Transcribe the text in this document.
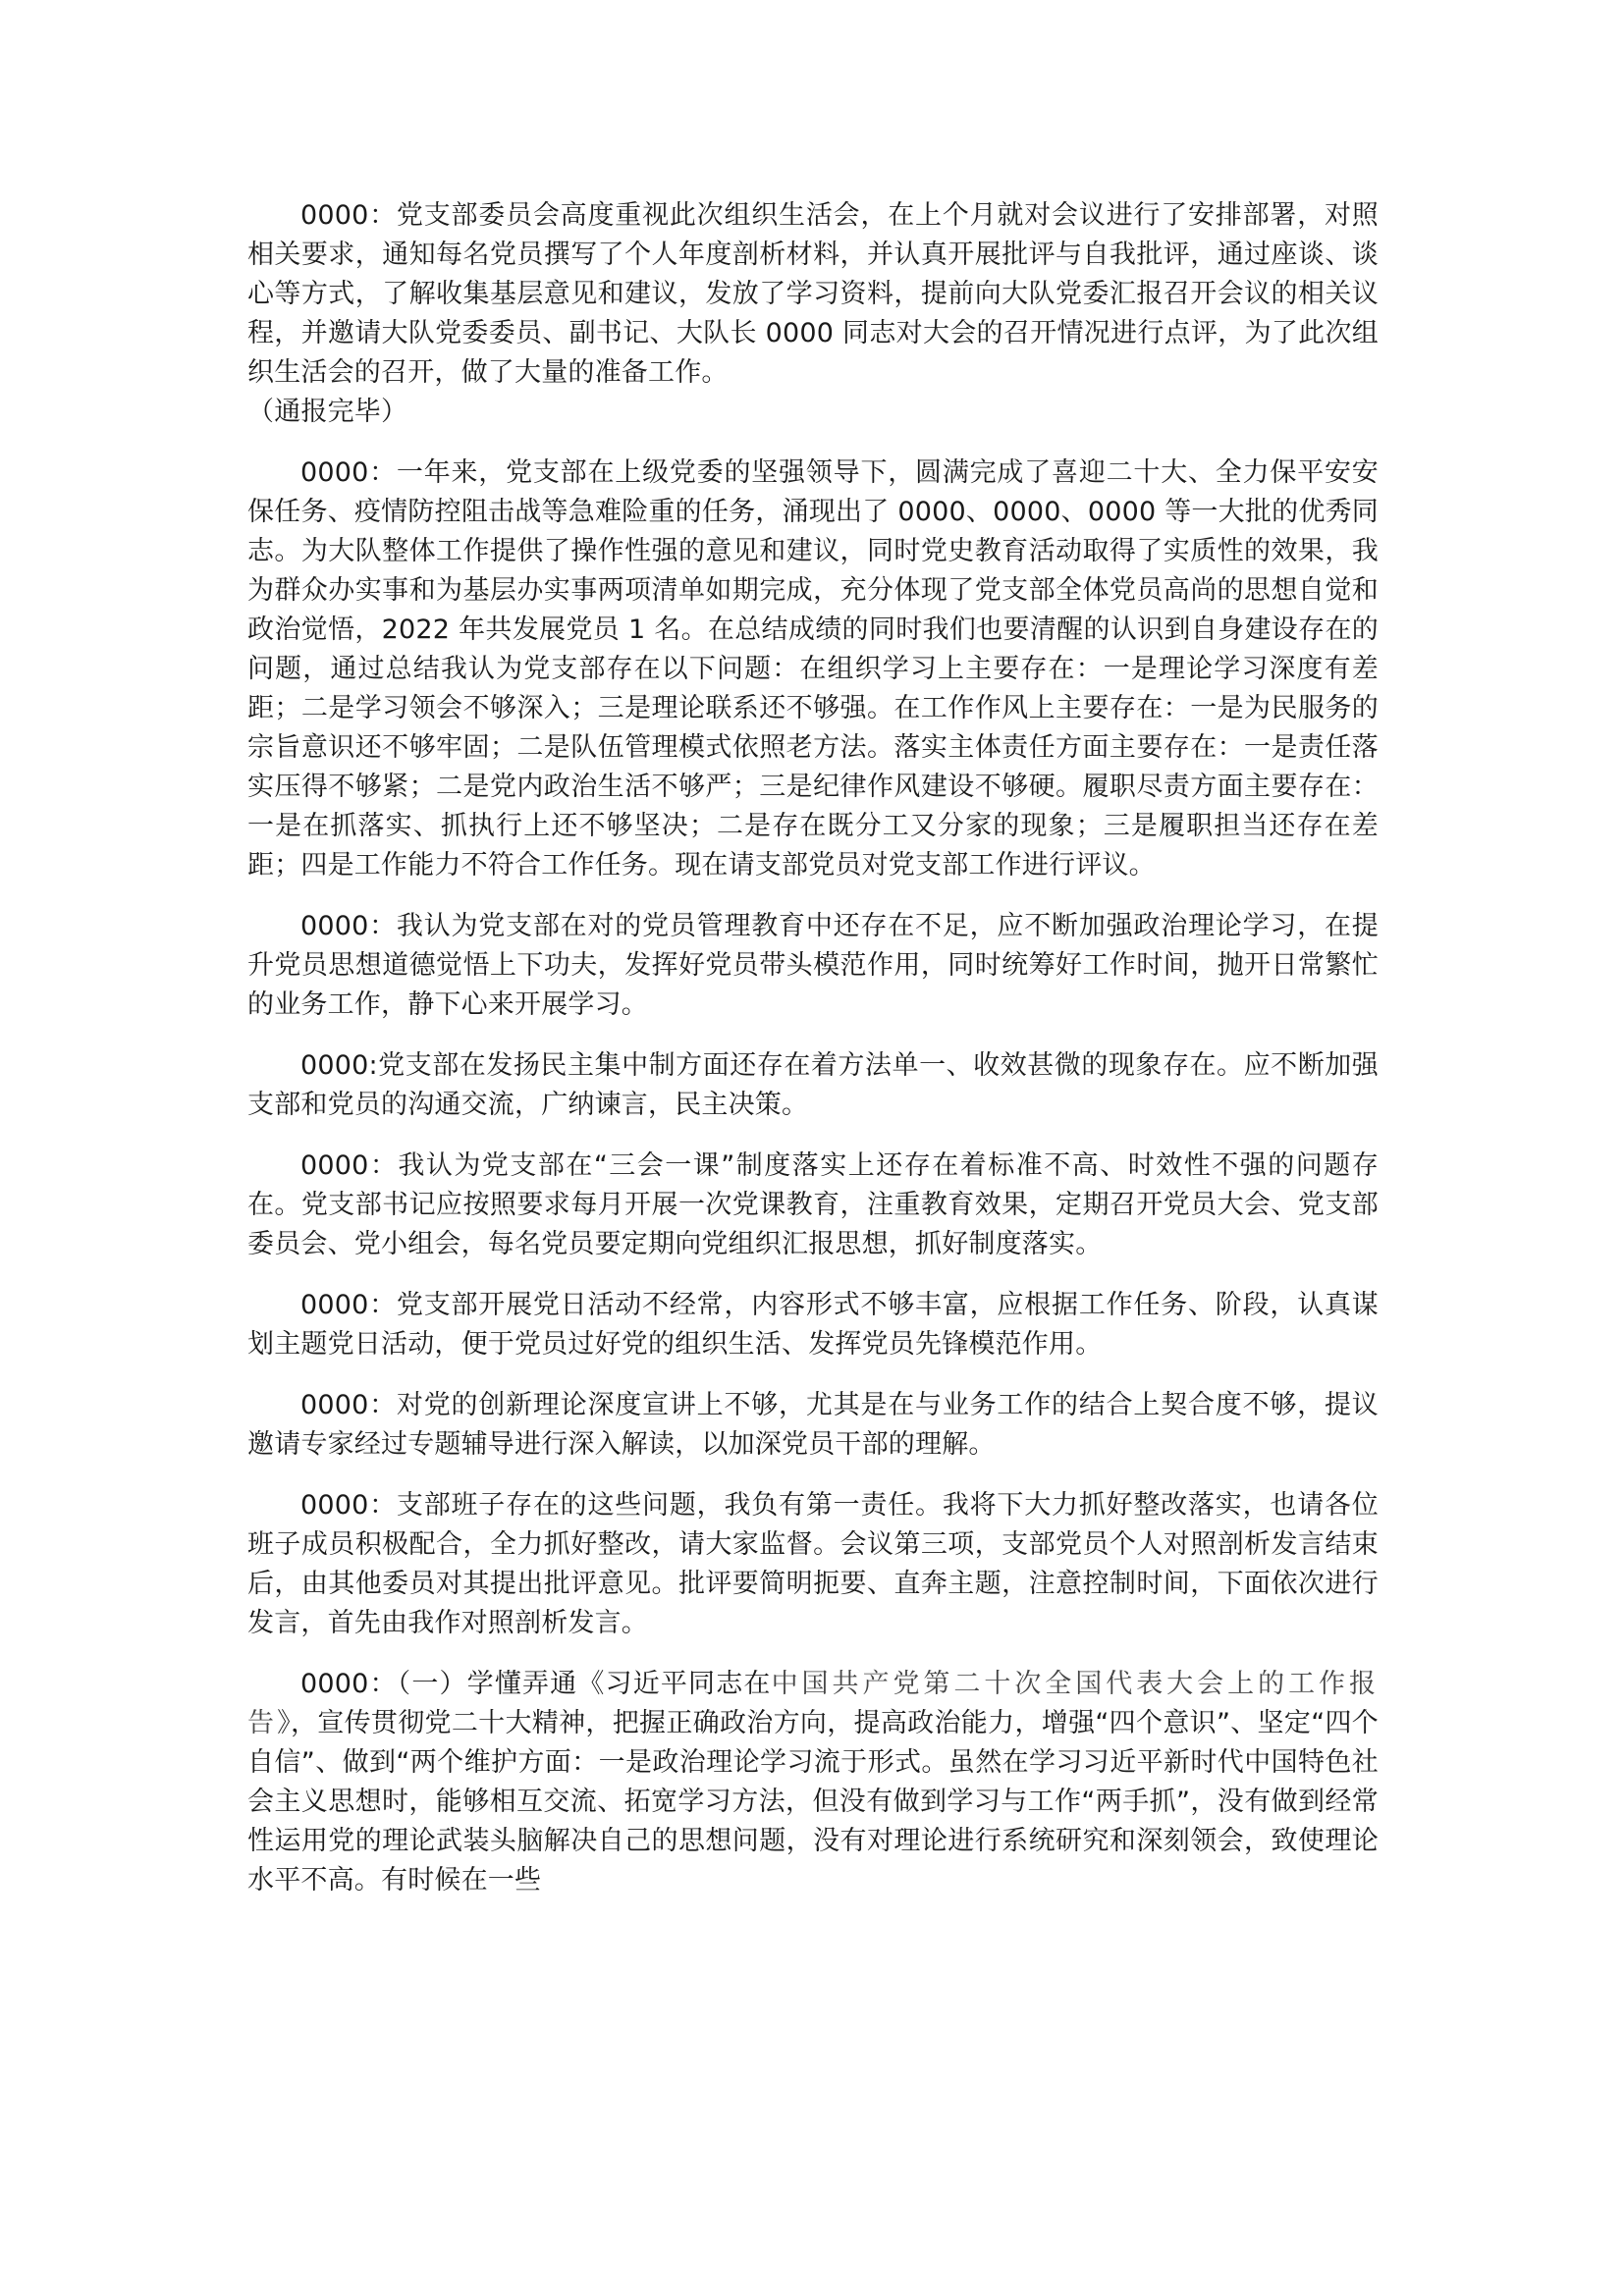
0000：党支部委员会高度重视此次组织生活会，在上个月就对会议进行了安排部署，对照相关要求，通知每名党员撰写了个人年度剖析材料，并认真开展批评与自我批评，通过座谈、谈心等方式，了解收集基层意见和建议，发放了学习资料，提前向大队党委汇报召开会议的相关议程，并邀请大队党委委员、副书记、大队长 0000 同志对大会的召开情况进行点评，为了此次组织生活会的召开，做了大量的准备工作。
（通报完毕）

0000：一年来，党支部在上级党委的坚强领导下，圆满完成了喜迎二十大、全力保平安安保任务、疫情防控阻击战等急难险重的任务，涌现出了 0000、0000、0000 等一大批的优秀同志。为大队整体工作提供了操作性强的意见和建议，同时党史教育活动取得了实质性的效果，我为群众办实事和为基层办实事两项清单如期完成，充分体现了党支部全体党员高尚的思想自觉和政治觉悟，2022 年共发展党员 1 名。在总结成绩的同时我们也要清醒的认识到自身建设存在的问题，通过总结我认为党支部存在以下问题：在组织学习上主要存在：一是理论学习深度有差距；二是学习领会不够深入；三是理论联系还不够强。在工作作风上主要存在：一是为民服务的宗旨意识还不够牢固；二是队伍管理模式依照老方法。落实主体责任方面主要存在：一是责任落实压得不够紧；二是党内政治生活不够严；三是纪律作风建设不够硬。履职尽责方面主要存在：一是在抓落实、抓执行上还不够坚决；二是存在既分工又分家的现象；三是履职担当还存在差距；四是工作能力不符合工作任务。现在请支部党员对党支部工作进行评议。

0000：我认为党支部在对的党员管理教育中还存在不足，应不断加强政治理论学习，在提升党员思想道德觉悟上下功夫，发挥好党员带头模范作用，同时统筹好工作时间，抛开日常繁忙的业务工作，静下心来开展学习。

0000:党支部在发扬民主集中制方面还存在着方法单一、收效甚微的现象存在。应不断加强支部和党员的沟通交流，广纳谏言，民主决策。

0000：我认为党支部在“三会一课”制度落实上还存在着标准不高、时效性不强的问题存在。党支部书记应按照要求每月开展一次党课教育，注重教育效果，定期召开党员大会、党支部委员会、党小组会，每名党员要定期向党组织汇报思想，抓好制度落实。

0000：党支部开展党日活动不经常，内容形式不够丰富，应根据工作任务、阶段，认真谋划主题党日活动，便于党员过好党的组织生活、发挥党员先锋模范作用。

0000：对党的创新理论深度宣讲上不够，尤其是在与业务工作的结合上契合度不够，提议邀请专家经过专题辅导进行深入解读，以加深党员干部的理解。

0000：支部班子存在的这些问题，我负有第一责任。我将下大力抓好整改落实，也请各位班子成员积极配合，全力抓好整改，请大家监督。会议第三项，支部党员个人对照剖析发言结束后，由其他委员对其提出批评意见。批评要简明扼要、直奔主题，注意控制时间，下面依次进行发言，首先由我作对照剖析发言。

0000：（一）学懂弄通《习近平同志在中国共产党第二十次全国代表大会上的工作报告》，宣传贯彻党二十大精神，把握正确政治方向，提高政治能力，增强“四个意识”、坚定“四个自信”、做到“两个维护方面：一是政治理论学习流于形式。虽然在学习习近平新时代中国特色社会主义思想时，能够相互交流、拓宽学习方法，但没有做到学习与工作“两手抓”，没有做到经常性运用党的理论武装头脑解决自己的思想问题，没有对理论进行系统研究和深刻领会，致使理论水平不高。有时候在一些
